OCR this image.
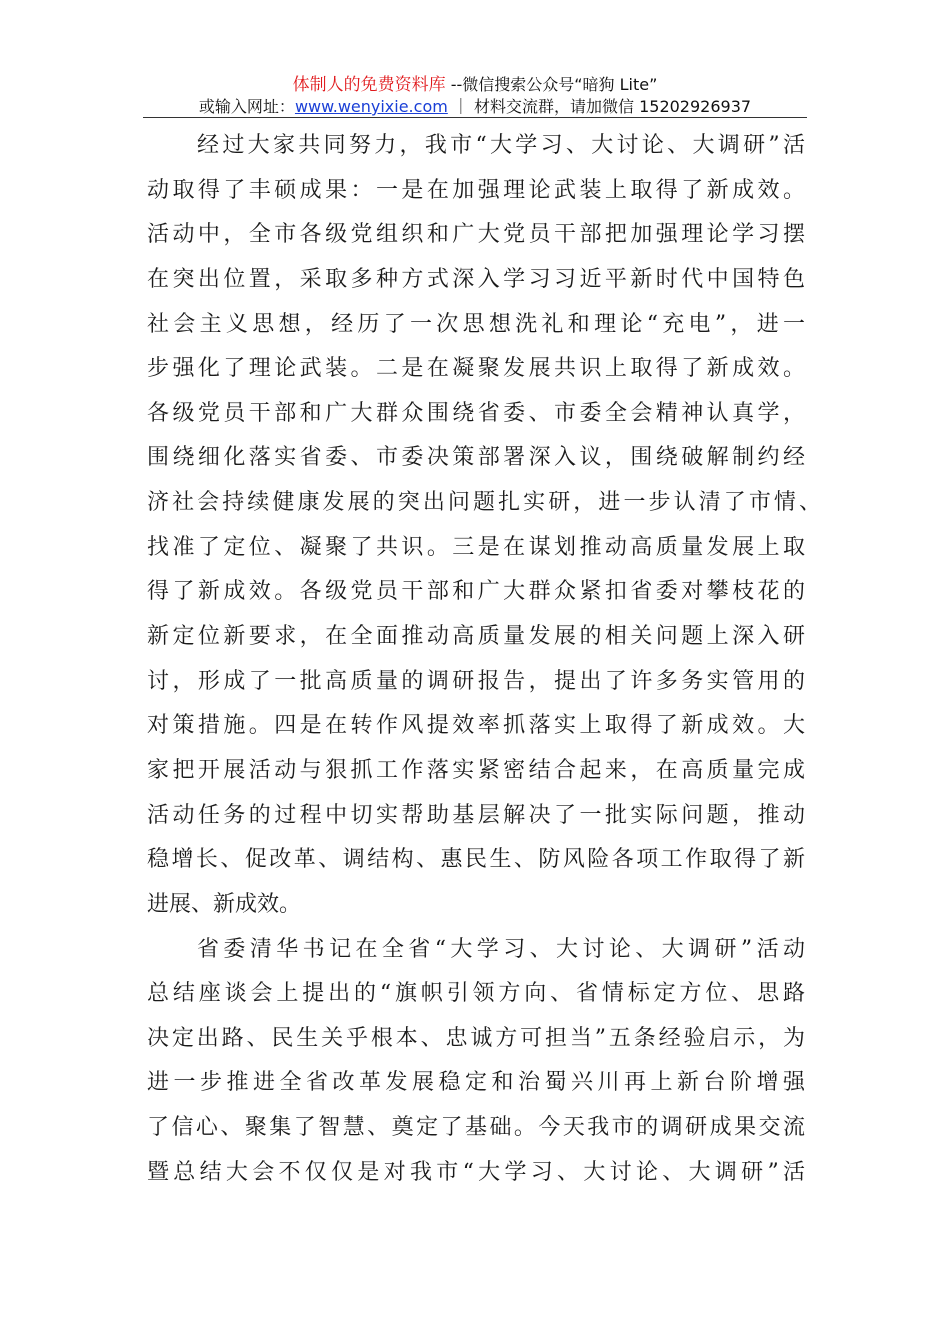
体制人的免费资料库 --微信搜索公众号“暗狗 Lite”
或输入网址：www.wenyixie.com ｜ 材料交流群，请加微信 15202926937
经过大家共同努力，我市“大学习、大讨论、大调研”活
动取得了丰硕成果：一是在加强理论武装上取得了新成效。
活动中，全市各级党组织和广大党员干部把加强理论学习摆
在突出位置，采取多种方式深入学习习近平新时代中国特色
社会主义思想，经历了一次思想洗礼和理论“充电”，进一
步强化了理论武装。二是在凝聚发展共识上取得了新成效。
各级党员干部和广大群众围绕省委、市委全会精神认真学，
围绕细化落实省委、市委决策部署深入议，围绕破解制约经
济社会持续健康发展的突出问题扎实研，进一步认清了市情、
找准了定位、凝聚了共识。三是在谋划推动高质量发展上取
得了新成效。各级党员干部和广大群众紧扣省委对攀枝花的
新定位新要求，在全面推动高质量发展的相关问题上深入研
讨，形成了一批高质量的调研报告，提出了许多务实管用的
对策措施。四是在转作风提效率抓落实上取得了新成效。大
家把开展活动与狠抓工作落实紧密结合起来，在高质量完成
活动任务的过程中切实帮助基层解决了一批实际问题，推动
稳增长、促改革、调结构、惠民生、防风险各项工作取得了新
进展、新成效。
省委清华书记在全省“大学习、大讨论、大调研”活动
总结座谈会上提出的“旗帜引领方向、省情标定方位、思路
决定出路、民生关乎根本、忠诚方可担当”五条经验启示，为
进一步推进全省改革发展稳定和治蜀兴川再上新台阶增强
了信心、聚集了智慧、奠定了基础。今天我市的调研成果交流
暨总结大会不仅仅是对我市“大学习、大讨论、大调研”活
